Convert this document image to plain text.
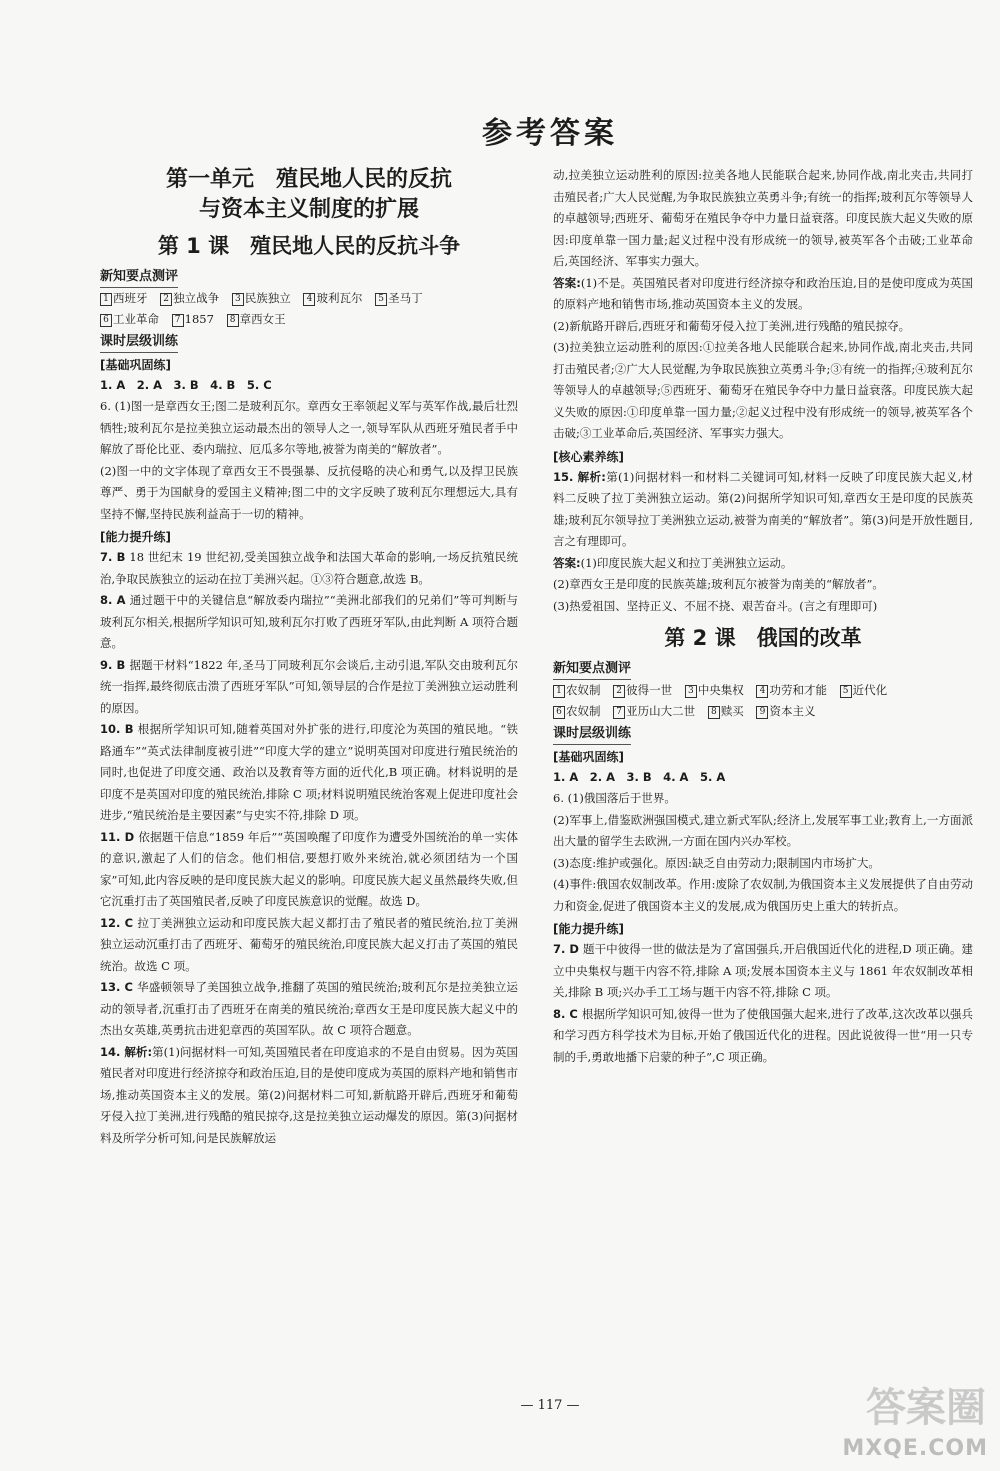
参考答案
第一单元　殖民地人民的反抗
与资本主义制度的扩展
第 1 课　殖民地人民的反抗斗争
新知要点测评
1 西班牙 2 独立战争 3 民族独立 4 玻利瓦尔 5 圣马丁
6 工业革命 7 1857 8 章西女王
课时层级训练
[基础巩固练]
1. A　2. A　3. B　4. B　5. C

6. (1)图一是章西女王;图二是玻利瓦尔。章西女王率领起义军与英军作战,最后壮烈牺牲;玻利瓦尔是拉美独立运动最杰出的领导人之一,领导军队从西班牙殖民者手中解放了哥伦比亚、委内瑞拉、厄瓜多尔等地,被誉为南美的“解放者”。

(2)图一中的文字体现了章西女王不畏强暴、反抗侵略的决心和勇气,以及捍卫民族尊严、勇于为国献身的爱国主义精神;图二中的文字反映了玻利瓦尔理想远大,具有坚持不懈,坚持民族利益高于一切的精神。

[能力提升练]

7. B 18 世纪末 19 世纪初,受美国独立战争和法国大革命的影响,一场反抗殖民统治,争取民族独立的运动在拉丁美洲兴起。①③符合题意,故选 B。

8. A 通过题干中的关键信息“解放委内瑞拉”“美洲北部我们的兄弟们”等可判断与玻利瓦尔相关,根据所学知识可知,玻利瓦尔打败了西班牙军队,由此判断 A 项符合题意。

9. B 据题干材料“1822 年,圣马丁同玻利瓦尔会谈后,主动引退,军队交由玻利瓦尔统一指挥,最终彻底击溃了西班牙军队”可知,领导层的合作是拉丁美洲独立运动胜利的原因。

10. B 根据所学知识可知,随着英国对外扩张的进行,印度沦为英国的殖民地。“铁路通车”“英式法律制度被引进”“印度大学的建立”说明英国对印度进行殖民统治的同时,也促进了印度交通、政治以及教育等方面的近代化,B 项正确。材料说明的是印度不是英国对印度的殖民统治,排除 C 项;材料说明殖民统治客观上促进印度社会进步,“殖民统治是主要因素”与史实不符,排除 D 项。

11. D 依据题干信息“1859 年后”“英国唤醒了印度作为遭受外国统治的单一实体的意识,激起了人们的信念。他们相信,要想打败外来统治,就必须团结为一个国家”可知,此内容反映的是印度民族大起义的影响。印度民族大起义虽然最终失败,但它沉重打击了英国殖民者,反映了印度民族意识的觉醒。故选 D。

12. C 拉丁美洲独立运动和印度民族大起义都打击了殖民者的殖民统治,拉丁美洲独立运动沉重打击了西班牙、葡萄牙的殖民统治,印度民族大起义打击了英国的殖民统治。故选 C 项。

13. C 华盛顿领导了美国独立战争,推翻了英国的殖民统治;玻利瓦尔是拉美独立运动的领导者,沉重打击了西班牙在南美的殖民统治;章西女王是印度民族大起义中的杰出女英雄,英勇抗击进犯章西的英国军队。故 C 项符合题意。

14. 解析:第(1)问据材料一可知,英国殖民者在印度追求的不是自由贸易。因为英国殖民者对印度进行经济掠夺和政治压迫,目的是使印度成为英国的原料产地和销售市场,推动英国资本主义的发展。第(2)问据材料二可知,新航路开辟后,西班牙和葡萄牙侵入拉丁美洲,进行残酷的殖民掠夺,这是拉美独立运动爆发的原因。第(3)问据材料及所学分析可知,问是民族解放运

动,拉美独立运动胜利的原因:拉美各地人民能联合起来,协同作战,南北夹击,共同打击殖民者;广大人民觉醒,为争取民族独立英勇斗争;有统一的指挥;玻利瓦尔等领导人的卓越领导;西班牙、葡萄牙在殖民争夺中力量日益衰落。印度民族大起义失败的原因:印度单靠一国力量;起义过程中没有形成统一的领导,被英军各个击破;工业革命后,英国经济、军事实力强大。

答案:(1)不是。英国殖民者对印度进行经济掠夺和政治压迫,目的是使印度成为英国的原料产地和销售市场,推动英国资本主义的发展。

(2)新航路开辟后,西班牙和葡萄牙侵入拉丁美洲,进行残酷的殖民掠夺。

(3)拉美独立运动胜利的原因:①拉美各地人民能联合起来,协同作战,南北夹击,共同打击殖民者;②广大人民觉醒,为争取民族独立英勇斗争;③有统一的指挥;④玻利瓦尔等领导人的卓越领导;⑤西班牙、葡萄牙在殖民争夺中力量日益衰落。印度民族大起义失败的原因:①印度单靠一国力量;②起义过程中没有形成统一的领导,被英军各个击破;③工业革命后,英国经济、军事实力强大。

[核心素养练]

15. 解析:第(1)问据材料一和材料二关键词可知,材料一反映了印度民族大起义,材料二反映了拉丁美洲独立运动。第(2)问据所学知识可知,章西女王是印度的民族英雄;玻利瓦尔领导拉丁美洲独立运动,被誉为南美的“解放者”。第(3)问是开放性题目,言之有理即可。

答案:(1)印度民族大起义和拉丁美洲独立运动。

(2)章西女王是印度的民族英雄;玻利瓦尔被誉为南美的“解放者”。

(3)热爱祖国、坚持正义、不屈不挠、艰苦奋斗。(言之有理即可)

第 2 课　俄国的改革
新知要点测评
1 农奴制 2 彼得一世 3 中央集权 4 功劳和才能 5 近代化
6 农奴制 7 亚历山大二世 8 赎买 9 资本主义
课时层级训练
[基础巩固练]
1. A　2. A　3. B　4. A　5. A

6. (1)俄国落后于世界。

(2)军事上,借鉴欧洲强国模式,建立新式军队;经济上,发展军事工业;教育上,一方面派出大量的留学生去欧洲,一方面在国内兴办军校。

(3)态度:维护或强化。原因:缺乏自由劳动力;限制国内市场扩大。

(4)事件:俄国农奴制改革。作用:废除了农奴制,为俄国资本主义发展提供了自由劳动力和资金,促进了俄国资本主义的发展,成为俄国历史上重大的转折点。

[能力提升练]

7. D 题干中彼得一世的做法是为了富国强兵,开启俄国近代化的进程,D 项正确。建立中央集权与题干内容不符,排除 A 项;发展本国资本主义与 1861 年农奴制改革相关,排除 B 项;兴办手工工场与题干内容不符,排除 C 项。

8. C 根据所学知识可知,彼得一世为了使俄国强大起来,进行了改革,这次改革以强兵和学习西方科学技术为目标,开始了俄国近代化的进程。因此说彼得一世“用一只专制的手,勇敢地播下启蒙的种子”,C 项正确。

— 117 —	答案圈
MXQE.COM
